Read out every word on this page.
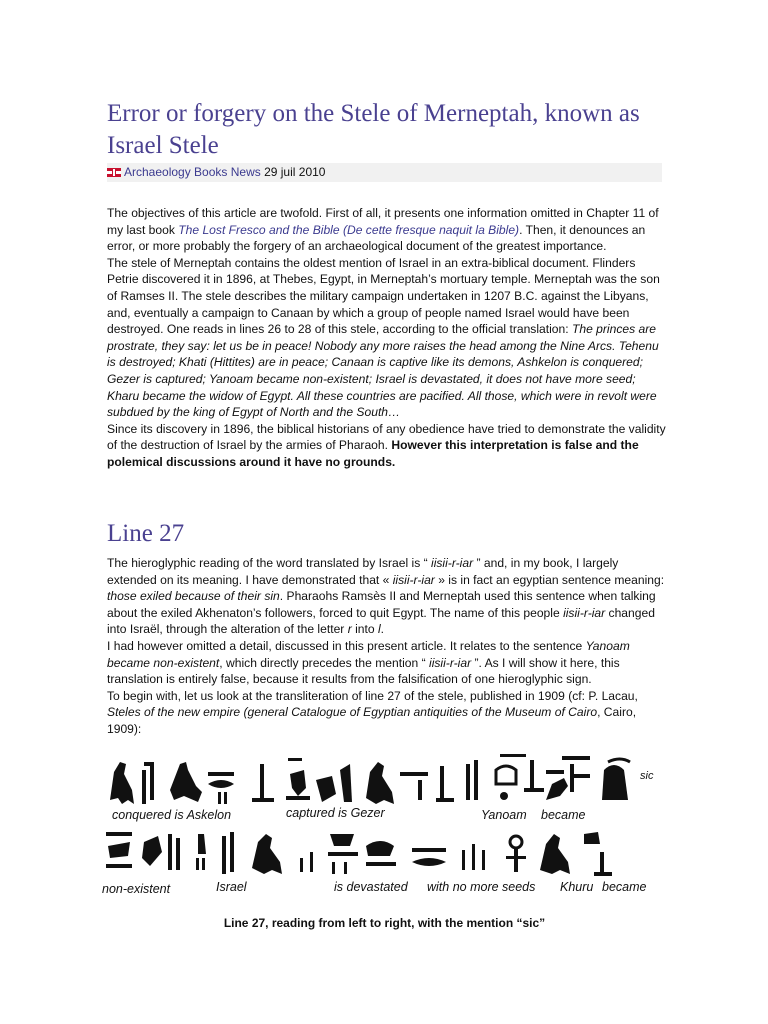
Error or forgery on the Stele of Merneptah, known as Israel Stele
Archaeology Books News 29 juil 2010

The objectives of this article are twofold. First of all, it presents one information omitted in Chapter 11 of my last book The Lost Fresco and the Bible (De cette fresque naquit la Bible). Then, it denounces an error, or more probably the forgery of an archaeological document of the greatest importance.

The stele of Merneptah contains the oldest mention of Israel in an extra-biblical document. Flinders Petrie discovered it in 1896, at Thebes, Egypt, in Merneptah’s mortuary temple. Merneptah was the son of Ramses II. The stele describes the military campaign undertaken in 1207 B.C. against the Libyans, and, eventually a campaign to Canaan by which a group of people named Israel would have been destroyed. One reads in lines 26 to 28 of this stele, according to the official translation: The princes are prostrate, they say: let us be in peace! Nobody any more raises the head among the Nine Arcs. Tehenu is destroyed; Khati (Hittites) are in peace; Canaan is captive like its demons, Ashkelon is conquered; Gezer is captured; Yanoam became non-existent; Israel is devastated, it does not have more seed; Kharu became the widow of Egypt. All these countries are pacified. All those, which were in revolt were subdued by the king of Egypt of North and the South…

Since its discovery in 1896, the biblical historians of any obedience have tried to demonstrate the validity of the destruction of Israel by the armies of Pharaoh. However this interpretation is false and the polemical discussions around it have no grounds.

Line 27

The hieroglyphic reading of the word translated by Israel is “ iisii-r-iar ” and, in my book, I largely extended on its meaning. I have demonstrated that « iisii-r-iar » is in fact an egyptian sentence meaning: those exiled because of their sin. Pharaohs Ramsès II and Merneptah used this sentence when talking about the exiled Akhenaton’s followers, forced to quit Egypt. The name of this people iisii-r-iar changed into Israël, through the alteration of the letter r into l.

I had however omitted a detail, discussed in this present article. It relates to the sentence Yanoam became non-existent, which directly precedes the mention “ iisii-r-iar ”. As I will show it here, this translation is entirely false, because it results from the falsification of one hieroglyphic sign.

To begin with, let us look at the transliteration of line 27 of the stele, published in 1909 (cf: P. Lacau, Steles of the new empire (general Catalogue of Egyptian antiquities of the Museum of Cairo, Cairo, 1909):

sic
conquered is Askelon	captured is Gezer	Yanoam became
non-existent	Israel	is devastated with no more seeds Khuru became
Line 27, reading from left to right, with the mention “sic”
